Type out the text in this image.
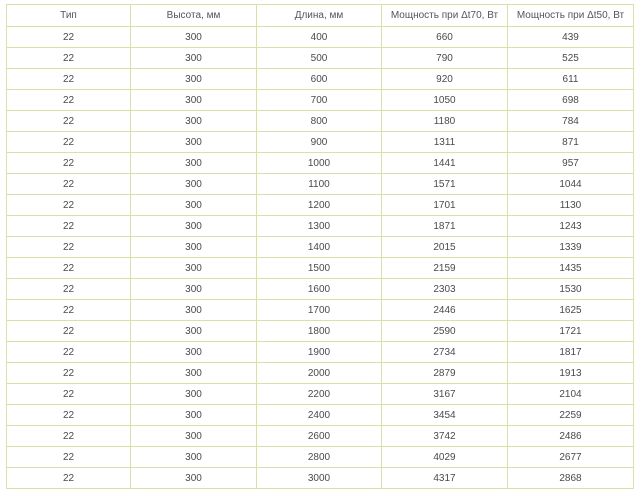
Тип	Высота, мм	Длина, мм	Мощность при Δt70, Вт	Мощность при Δt50, Вт
22	300	400	660	439
22	300	500	790	525
22	300	600	920	611
22	300	700	1050	698
22	300	800	1180	784
22	300	900	1311	871
22	300	1000	1441	957
22	300	1100	1571	1044
22	300	1200	1701	1130
22	300	1300	1871	1243
22	300	1400	2015	1339
22	300	1500	2159	1435
22	300	1600	2303	1530
22	300	1700	2446	1625
22	300	1800	2590	1721
22	300	1900	2734	1817
22	300	2000	2879	1913
22	300	2200	3167	2104
22	300	2400	3454	2259
22	300	2600	3742	2486
22	300	2800	4029	2677
22	300	3000	4317	2868
